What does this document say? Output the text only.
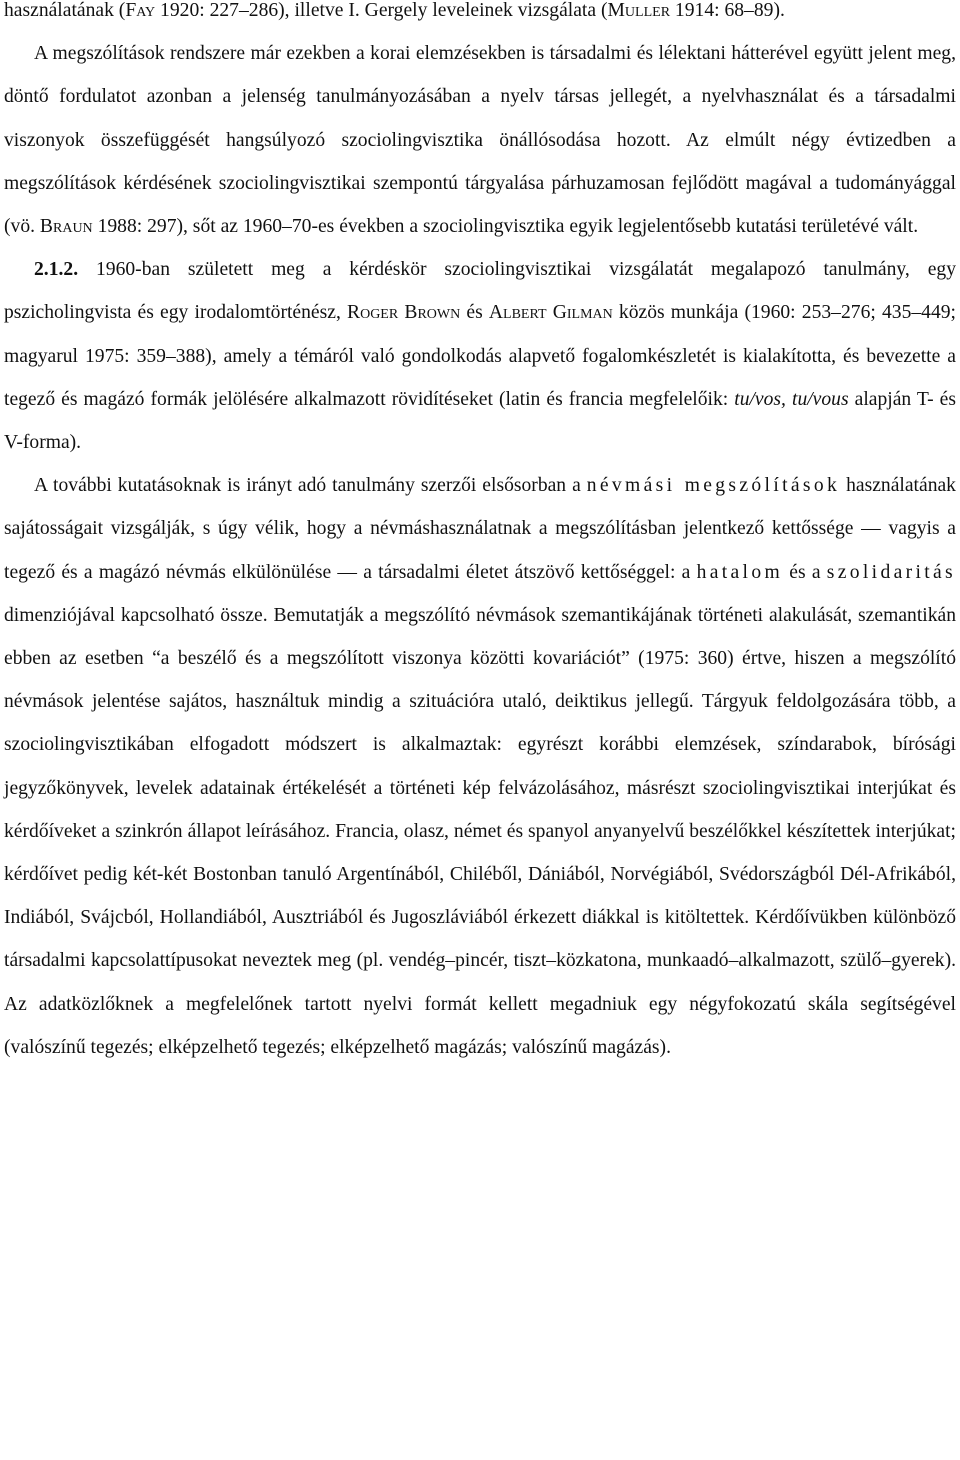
használatának (Fay 1920: 227–286), illetve I. Gergely leveleinek vizsgálata (Muller 1914: 68–89).

A megszólítások rendszere már ezekben a korai elemzésekben is társadalmi és lélektani hátterével együtt jelent meg, döntő fordulatot azonban a jelenség tanulmányozásában a nyelv társas jellegét, a nyelvhasználat és a társadalmi viszonyok összefüggését hangsúlyozó szociolingvisztika önállósodása hozott. Az elmúlt négy évtizedben a megszólítások kérdésének szociolingvisztikai szempontú tárgyalása párhuzamosan fejlődött magával a tudományággal (vö. Braun 1988: 297), sőt az 1960–70-es években a szociolingvisztika egyik legjelentősebb kutatási területévé vált.

2.1.2. 1960-ban született meg a kérdéskör szociolingvisztikai vizsgálatát megalapozó tanulmány, egy pszicholingvista és egy irodalomtörténész, Roger Brown és Albert Gilman közös munkája (1960: 253–276; 435–449; magyarul 1975: 359–388), amely a témáról való gondolkodás alapvető fogalomkészletét is kialakította, és bevezette a tegező és magázó formák jelölésére alkalmazott rövidítéseket (latin és francia megfelelőik: tu/vos, tu/vous alapján T- és V-forma).

A további kutatásoknak is irányt adó tanulmány szerzői elsősorban a névmási megszólítások használatának sajátosságait vizsgálják, s úgy vélik, hogy a névmáshasználatnak a megszólításban jelentkező kettőssége — vagyis a tegező és a magázó névmás elkülönülése — a társadalmi életet átszövő kettőséggel: a hatalom és a szolidaritás dimenziójával kapcsolható össze. Bemutatják a megszólító névmások szemantikájának történeti alakulását, szemantikán ebben az esetben “a beszélő és a megszólított viszonya közötti kovariációt” (1975: 360) értve, hiszen a megszólító névmások jelentése sajátos, használtuk mindig a szituációra utaló, deiktikus jellegű. Tárgyuk feldolgozására több, a szociolingvisztikában elfogadott módszert is alkalmaztak: egyrészt korábbi elemzések, színdarabok, bírósági jegyzőkönyvek, levelek adatainak értékelését a történeti kép felvázolásához, másrészt szociolingvisztikai interjúkat és kérdőíveket a szinkrón állapot leírásához. Francia, olasz, német és spanyol anyanyelvű beszélőkkel készítettek interjúkat; kérdőívet pedig két-két Bostonban tanuló Argentínából, Chiléből, Dániából, Norvégiából, Svédországból Dél-Afrikából, Indiából, Svájcból, Hollandiából, Ausztriából és Jugoszláviából érkezett diákkal is kitöltettek. Kérdőívükben különböző társadalmi kapcsolattípusokat neveztek meg (pl. vendég–pincér, tiszt–közkatona, munkaadó–alkalmazott, szülő–gyerek). Az adatközlőknek a megfelelőnek tartott nyelvi formát kellett megadniuk egy négyfokozatú skála segítségével (valószínű tegezés; elképzelhető tegezés; elképzelhető magázás; valószínű magázás).
